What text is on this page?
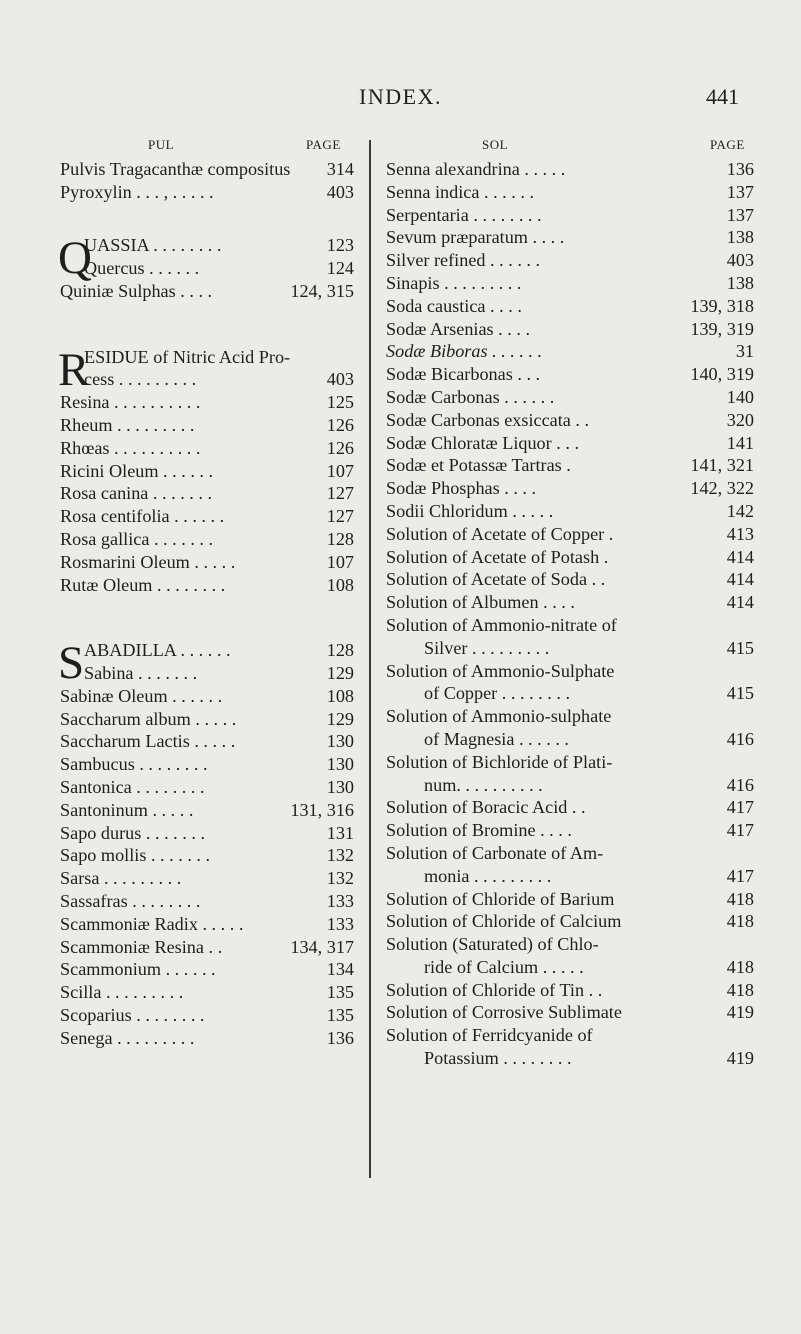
INDEX.	441
PUL	PAGE	SOL	PAGE
Pulvis Tragacanthæ compositus 314
Pyroxylin . . . , . . . . .	403
Q
UASSIA . . . . . . . .	123
Quercus . . . . . .	124
Quiniæ Sulphas . . . .	124, 315
R
ESIDUE of Nitric Acid Pro-
cess . . . . . . . . .	403
Resina . . . . . . . . . .	125
Rheum . . . . . . . . .	126
Rhœas . . . . . . . . . .	126
Ricini Oleum . . . . . .	107
Rosa canina . . . . . . .	127
Rosa centifolia . . . . . .	127
Rosa gallica . . . . . . .	128
Rosmarini Oleum . . . . .	107
Rutæ Oleum . . . . . . . .	108
S ABADILLA . . . . . .	128
Sabina . . . . . . .	129
Sabinæ Oleum . . . . . .	108
Saccharum album . . . . .	129
Saccharum Lactis . . . . .	130
Sambucus . . . . . . . .	130
Santonica . . . . . . . .	130
Santoninum . . . . .	131, 316
Sapo durus . . . . . . .	131
Sapo mollis . . . . . . .	132
Sarsa . . . . . . . . .	132
Sassafras . . . . . . . .	133
Scammoniæ Radix . . . . .	133
Scammoniæ Resina . .	134, 317
Scammonium . . . . . .	134
Scilla . . . . . . . . .	135
Scoparius . . . . . . . .	135
Senega . . . . . . . . .	136
Senna alexandrina . . . . .	136
Senna indica . . . . . .	137
Serpentaria . . . . . . . .	137
Sevum præparatum . . . .	138
Silver refined . . . . . .	403
Sinapis . . . . . . . . .	138
Soda caustica . . . .	139, 318
Sodæ Arsenias . . . .	139, 319
Sodæ Biboras . . . . . .	31
Sodæ Bicarbonas . . .	140, 319
Sodæ Carbonas . . . . . .	140
Sodæ Carbonas exsiccata . .	320
Sodæ Chloratæ Liquor . . .	141
Sodæ et Potassæ Tartras .	141, 321
Sodæ Phosphas . . . .	142, 322
Sodii Chloridum . . . . .	142
Solution of Acetate of Copper .	413
Solution of Acetate of Potash .	414
Solution of Acetate of Soda . .	414
Solution of Albumen . . . .	414
Solution of Ammonio-nitrate of
Silver . . . . . . . . .	415
Solution of Ammonio-Sulphate
of Copper . . . . . . . .	415
Solution of Ammonio-sulphate
of Magnesia . . . . . .	416
Solution of Bichloride of Plati-
num. . . . . . . . . .	416
Solution of Boracic Acid . .	417
Solution of Bromine . . . .	417
Solution of Carbonate of Am-
monia . . . . . . . . .	417
Solution of Chloride of Barium	418
Solution of Chloride of Calcium	418
Solution (Saturated) of Chlo-
ride of Calcium . . . . .	418
Solution of Chloride of Tin . .	418
Solution of Corrosive Sublimate	419
Solution of Ferridcyanide of
Potassium . . . . . . . .	419
